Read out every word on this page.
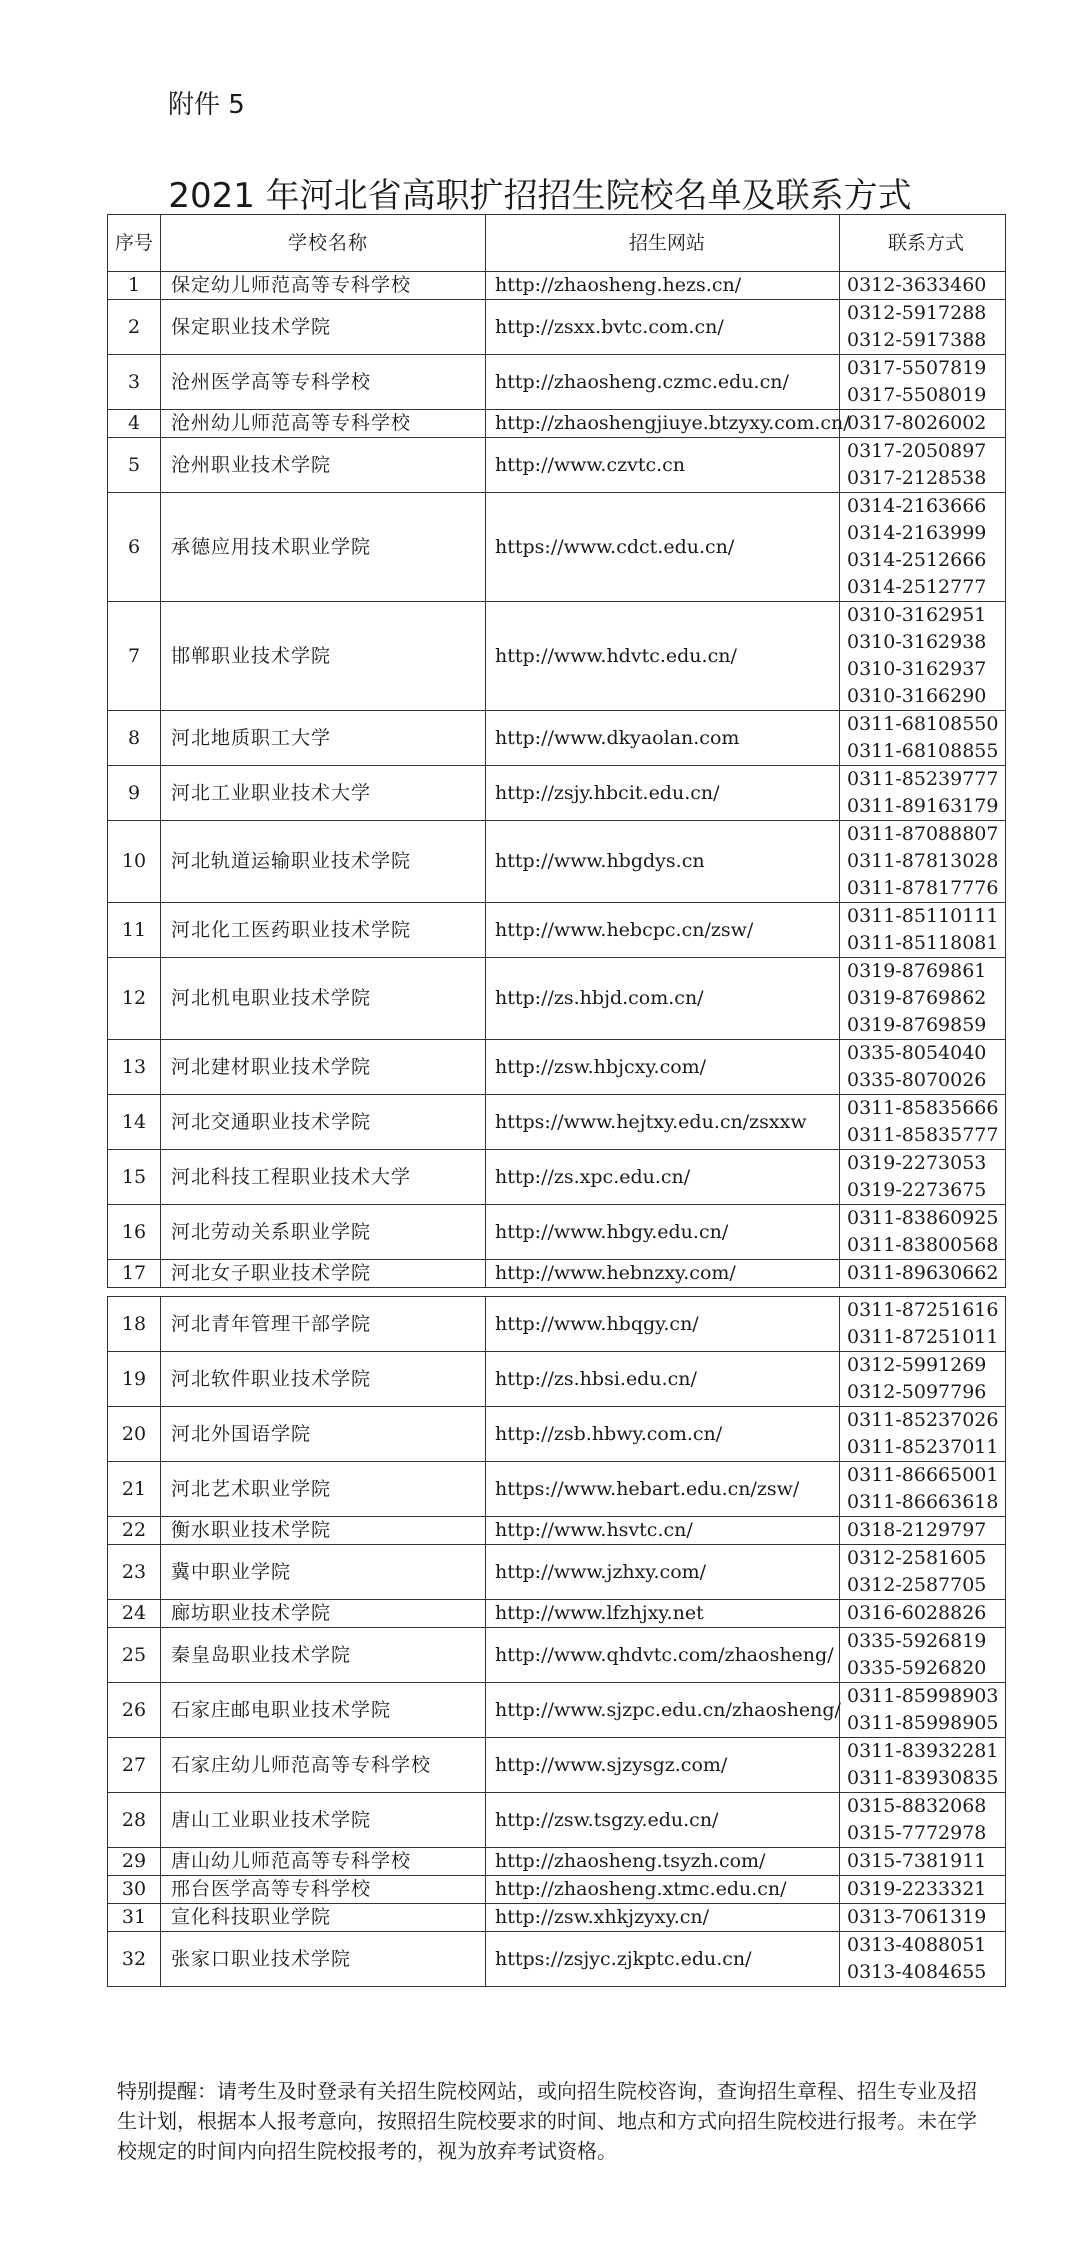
附件 5
2021 年河北省高职扩招招生院校名单及联系方式
序号	学校名称	招生网站	联系方式
1	保定幼儿师范高等专科学校	http://zhaosheng.hezs.cn/	0312-3633460

2	保定职业技术学院	http://zsxx.bvtc.com.cn/	0312-5917288
0312-5917388

3	沧州医学高等专科学校	http://zhaosheng.czmc.edu.cn/	0317-5507819
0317-5508019

4	沧州幼儿师范高等专科学校	http://zhaoshengjiuye.btzyxy.com.cn/	0317-8026002

5	沧州职业技术学院	http://www.czvtc.cn	0317-2050897
0317-2128538

6	承德应用技术职业学院	https://www.cdct.edu.cn/	0314-2163666
0314-2163999
0314-2512666
0314-2512777

7	邯郸职业技术学院	http://www.hdvtc.edu.cn/	0310-3162951
0310-3162938
0310-3162937
0310-3166290

8	河北地质职工大学	http://www.dkyaolan.com	0311-68108550
0311-68108855

9	河北工业职业技术大学	http://zsjy.hbcit.edu.cn/	0311-85239777
0311-89163179

10	河北轨道运输职业技术学院	http://www.hbgdys.cn	0311-87088807
0311-87813028
0311-87817776

11	河北化工医药职业技术学院	http://www.hebcpc.cn/zsw/	0311-85110111
0311-85118081

12	河北机电职业技术学院	http://zs.hbjd.com.cn/	0319-8769861
0319-8769862
0319-8769859

13	河北建材职业技术学院	http://zsw.hbjcxy.com/	0335-8054040
0335-8070026

14	河北交通职业技术学院	https://www.hejtxy.edu.cn/zsxxw	0311-85835666
0311-85835777

15	河北科技工程职业技术大学	http://zs.xpc.edu.cn/	0319-2273053
0319-2273675

16	河北劳动关系职业学院	http://www.hbgy.edu.cn/	0311-83860925
0311-83800568

17	河北女子职业技术学院	http://www.hebnzxy.com/	0311-89630662

18	河北青年管理干部学院	http://www.hbqgy.cn/	0311-87251616
0311-87251011

19	河北软件职业技术学院	http://zs.hbsi.edu.cn/	0312-5991269
0312-5097796

20	河北外国语学院	http://zsb.hbwy.com.cn/	0311-85237026
0311-85237011

21	河北艺术职业学院	https://www.hebart.edu.cn/zsw/	0311-86665001
0311-86663618

22	衡水职业技术学院	http://www.hsvtc.cn/	0318-2129797

23	冀中职业学院	http://www.jzhxy.com/	0312-2581605
0312-2587705

24	廊坊职业技术学院	http://www.lfzhjxy.net	0316-6028826

25	秦皇岛职业技术学院	http://www.qhdvtc.com/zhaosheng/	0335-5926819
0335-5926820

26	石家庄邮电职业技术学院	http://www.sjzpc.edu.cn/zhaosheng/	0311-85998903
0311-85998905

27	石家庄幼儿师范高等专科学校	http://www.sjzysgz.com/	0311-83932281
0311-83930835

28	唐山工业职业技术学院	http://zsw.tsgzy.edu.cn/	0315-8832068
0315-7772978

29	唐山幼儿师范高等专科学校	http://zhaosheng.tsyzh.com/	0315-7381911

30	邢台医学高等专科学校	http://zhaosheng.xtmc.edu.cn/	0319-2233321

31	宣化科技职业学院	http://zsw.xhkjzyxy.cn/	0313-7061319

32	张家口职业技术学院	https://zsjyc.zjkptc.edu.cn/	0313-4088051
0313-4084655
特别提醒：请考生及时登录有关招生院校网站，或向招生院校咨询，查询招生章程、招生专业及招生计划，根据本人报考意向，按照招生院校要求的时间、地点和方式向招生院校进行报考。未在学校规定的时间内向招生院校报考的，视为放弃考试资格。
